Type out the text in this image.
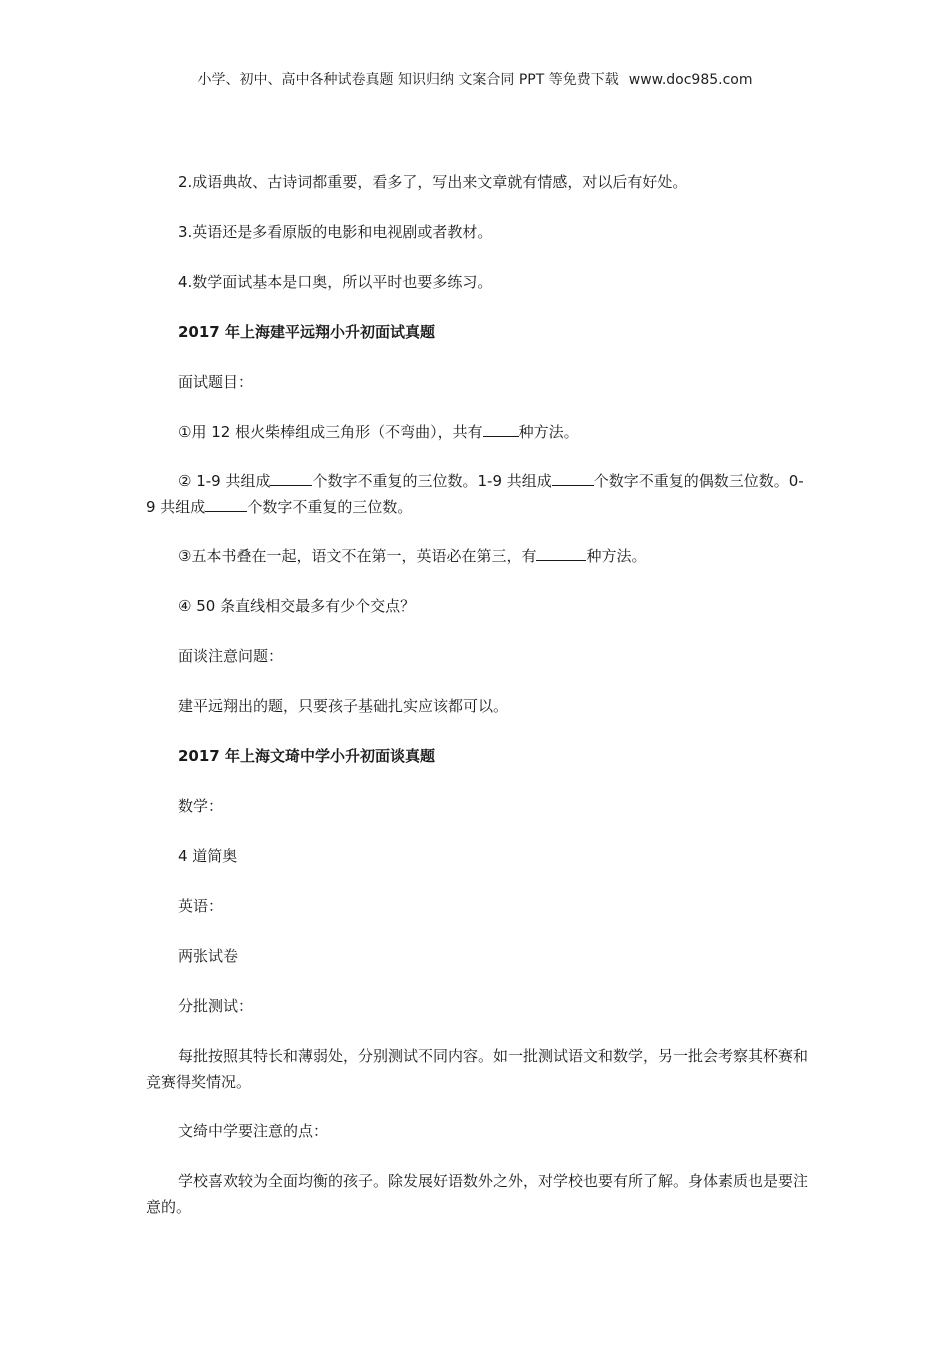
小学、初中、高中各种试卷真题 知识归纳 文案合同 PPT 等免费下载 www.doc985.com
2.成语典故、古诗词都重要，看多了，写出来文章就有情感，对以后有好处。
3.英语还是多看原版的电影和电视剧或者教材。
4.数学面试基本是口奥，所以平时也要多练习。
2017 年上海建平远翔小升初面试真题
面试题目：
①用 12 根火柴棒组成三角形（不弯曲），共有 种方法。
② 1-9 共组成	个数字不重复的三位数。1-9 共组成	个数字不重复的偶数三位数。0-9 共组成	个数字不重复的三位数。
③五本书叠在一起，语文不在第一，英语必在第三，有	种方法。
④ 50 条直线相交最多有少个交点？
面谈注意问题：
建平远翔出的题，只要孩子基础扎实应该都可以。
2017 年上海文琦中学小升初面谈真题
数学：
4 道简奥
英语：
两张试卷
分批测试：
每批按照其特长和薄弱处，分别测试不同内容。如一批测试语文和数学，另一批会考察其杯赛和竞赛得奖情况。
文绮中学要注意的点：
学校喜欢较为全面均衡的孩子。除发展好语数外之外，对学校也要有所了解。身体素质也是要注意的。
